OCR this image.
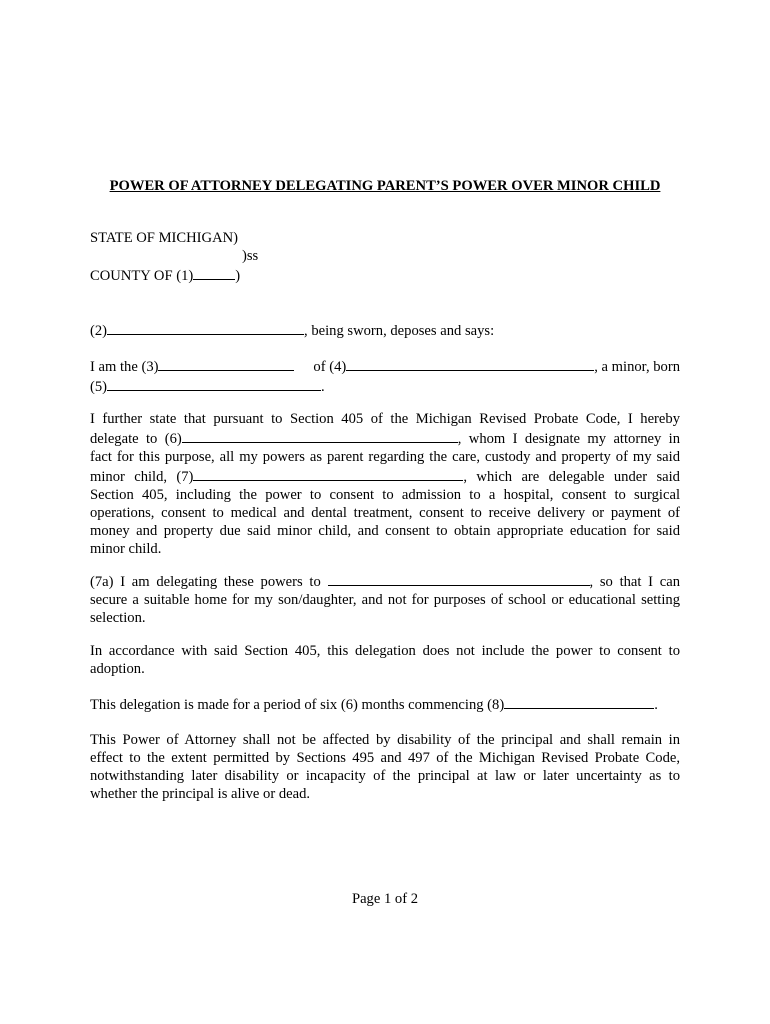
POWER OF ATTORNEY DELEGATING PARENT’S POWER OVER MINOR CHILD
STATE OF MICHIGAN)
)ss
COUNTY OF (1)	)
(2)	, being sworn, deposes and says:
I am the (3)	of (4)	, a minor, born
(5)	.
I further state that pursuant to Section 405 of the Michigan Revised Probate Code, I hereby
delegate to (6)	, whom I designate my attorney in
fact for this purpose, all my powers as parent regarding the care, custody and property of my said
minor child, (7)	, which are delegable under said
Section 405, including the power to consent to admission to a hospital, consent to surgical
operations, consent to medical and dental treatment, consent to receive delivery or payment of
money and property due said minor child, and consent to obtain appropriate education for said
minor child.
(7a) I am delegating these powers to	, so that I can
secure a suitable home for my son/daughter, and not for purposes of school or educational setting
selection.
In accordance with said Section 405, this delegation does not include the power to consent to
adoption.
This delegation is made for a period of six (6) months commencing (8)	.
This Power of Attorney shall not be affected by disability of the principal and shall remain in
effect to the extent permitted by Sections 495 and 497 of the Michigan Revised Probate Code,
notwithstanding later disability or incapacity of the principal at law or later uncertainty as to
whether the principal is alive or dead.
Page 1 of 2
